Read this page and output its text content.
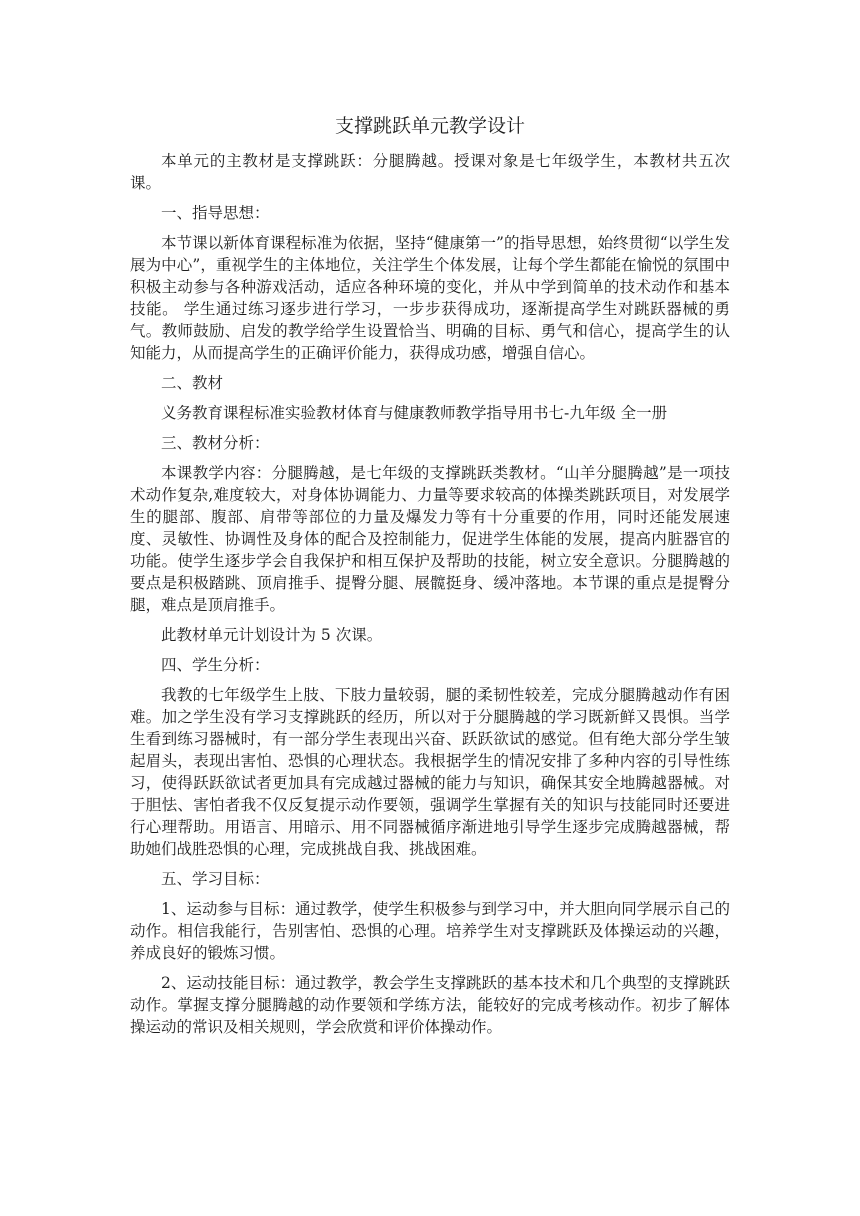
支撑跳跃单元教学设计

本单元的主教材是支撑跳跃：分腿腾越。授课对象是七年级学生，本教材共五次课。

一、指导思想：

本节课以新体育课程标准为依据，坚持“健康第一”的指导思想，始终贯彻“以学生发展为中心”，重视学生的主体地位，关注学生个体发展，让每个学生都能在愉悦的氛围中积极主动参与各种游戏活动，适应各种环境的变化，并从中学到简单的技术动作和基本技能。 学生通过练习逐步进行学习，一步步获得成功，逐渐提高学生对跳跃器械的勇气。教师鼓励、启发的教学给学生设置恰当、明确的目标、勇气和信心，提高学生的认知能力，从而提高学生的正确评价能力，获得成功感，增强自信心。

二、教材

义务教育课程标准实验教材体育与健康教师教学指导用书七-九年级 全一册

三、教材分析：

本课教学内容：分腿腾越，是七年级的支撑跳跃类教材。“山羊分腿腾越”是一项技术动作复杂,难度较大，对身体协调能力、力量等要求较高的体操类跳跃项目，对发展学生的腿部、腹部、肩带等部位的力量及爆发力等有十分重要的作用，同时还能发展速度、灵敏性、协调性及身体的配合及控制能力，促进学生体能的发展，提高内脏器官的功能。使学生逐步学会自我保护和相互保护及帮助的技能，树立安全意识。分腿腾越的要点是积极踏跳、顶肩推手、提臀分腿、展髋挺身、缓冲落地。本节课的重点是提臀分腿，难点是顶肩推手。

此教材单元计划设计为 5 次课。

四、学生分析：

我教的七年级学生上肢、下肢力量较弱，腿的柔韧性较差，完成分腿腾越动作有困难。加之学生没有学习支撑跳跃的经历，所以对于分腿腾越的学习既新鲜又畏惧。当学生看到练习器械时，有一部分学生表现出兴奋、跃跃欲试的感觉。但有绝大部分学生皱起眉头，表现出害怕、恐惧的心理状态。我根据学生的情况安排了多种内容的引导性练习，使得跃跃欲试者更加具有完成越过器械的能力与知识，确保其安全地腾越器械。对于胆怯、害怕者我不仅反复提示动作要领，强调学生掌握有关的知识与技能同时还要进行心理帮助。用语言、用暗示、用不同器械循序渐进地引导学生逐步完成腾越器械，帮助她们战胜恐惧的心理，完成挑战自我、挑战困难。

五、学习目标：

1、运动参与目标：通过教学，使学生积极参与到学习中，并大胆向同学展示自己的动作。相信我能行，告别害怕、恐惧的心理。培养学生对支撑跳跃及体操运动的兴趣，养成良好的锻炼习惯。

2、运动技能目标：通过教学，教会学生支撑跳跃的基本技术和几个典型的支撑跳跃动作。掌握支撑分腿腾越的动作要领和学练方法，能较好的完成考核动作。初步了解体操运动的常识及相关规则，学会欣赏和评价体操动作。
